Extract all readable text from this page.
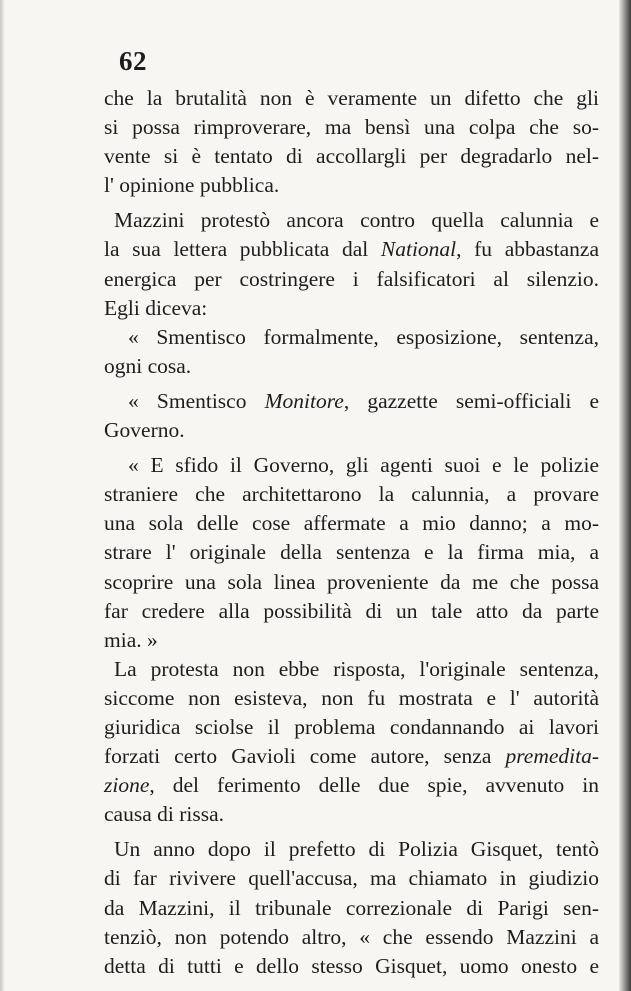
62
che la brutalità non è veramente un difetto che gli
si possa rimproverare, ma bensì una colpa che so-
vente si è tentato di accollargli per degradarlo nel-
l' opinione pubblica.
Mazzini protestò ancora contro quella calunnia e
la sua lettera pubblicata dal National, fu abbastanza
energica per costringere i falsificatori al silenzio.
Egli diceva:
« Smentisco formalmente, esposizione, sentenza,
ogni cosa.
« Smentisco Monitore, gazzette semi-officiali e
Governo.
« E sfido il Governo, gli agenti suoi e le polizie
straniere che architettarono la calunnia, a provare
una sola delle cose affermate a mio danno; a mo-
strare l' originale della sentenza e la firma mia, a
scoprire una sola linea proveniente da me che possa
far credere alla possibilità di un tale atto da parte
mia. »
La protesta non ebbe risposta, l'originale sentenza,
siccome non esisteva, non fu mostrata e l' autorità
giuridica sciolse il problema condannando ai lavori
forzati certo Gavioli come autore, senza premedita-
zione, del ferimento delle due spie, avvenuto in
causa di rissa.
Un anno dopo il prefetto di Polizia Gisquet, tentò
di far rivivere quell'accusa, ma chiamato in giudizio
da Mazzini, il tribunale correzionale di Parigi sen-
tenziò, non potendo altro, « che essendo Mazzini a
detta di tutti e dello stesso Gisquet, uomo onesto e
